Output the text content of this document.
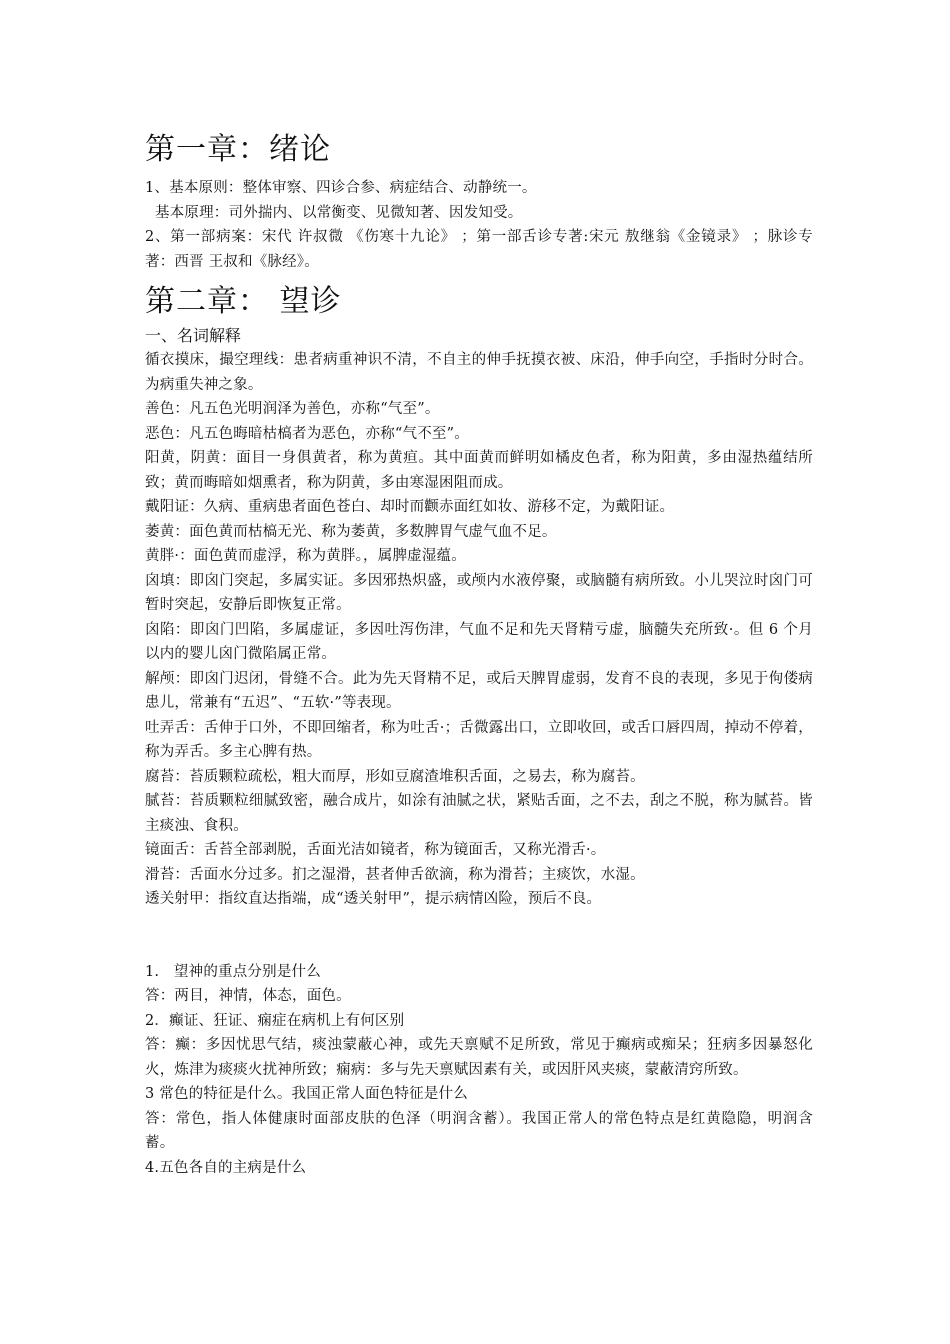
第一章：绪论

1、基本原则：整体审察、四诊合参、病症结合、动静统一。

基本原理：司外揣内、以常衡变、见微知著、因发知受。

2、第一部病案：宋代 许叔微 《伤寒十九论》 ；第一部舌诊专著:宋元 敖继翁《金镜录》 ；脉诊专著：西晋 王叔和《脉经》。

第二章： 望诊

一、名词解释

循衣摸床，撮空理线：患者病重神识不清，不自主的伸手抚摸衣被、床沿，伸手向空，手指时分时合。为病重失神之象。

善色：凡五色光明润泽为善色，亦称“气至”。

恶色：凡五色晦暗枯槁者为恶色，亦称“气不至”。

阳黄，阴黄：面目一身俱黄者，称为黄疸。其中面黄而鲜明如橘皮色者，称为阳黄，多由湿热蕴结所致；黄而晦暗如烟熏者，称为阴黄，多由寒湿困阻而成。

戴阳证：久病、重病患者面色苍白、却时而颧赤面红如妆、游移不定，为戴阳证。

萎黄：面色黄而枯槁无光、称为萎黄，多数脾胃气虚气血不足。

黄胖·：面色黄而虚浮，称为黄胖。，属脾虚湿蕴。

囟填：即囟门突起，多属实证。多因邪热炽盛，或颅内水液停聚，或脑髓有病所致。小儿哭泣时囟门可暂时突起，安静后即恢复正常。

囟陷：即囟门凹陷，多属虚证，多因吐泻伤津，气血不足和先天肾精亏虚，脑髓失充所致·。但 6 个月以内的婴儿囟门微陷属正常。

解颅：即囟门迟闭，骨缝不合。此为先天肾精不足，或后天脾胃虚弱，发育不良的表现，多见于佝偻病患儿，常兼有“五迟”、“五软·”等表现。

吐弄舌：舌伸于口外，不即回缩者，称为吐舌·；舌微露出口，立即收回，或舌口唇四周，掉动不停着，称为弄舌。多主心脾有热。

腐苔：苔质颗粒疏松，粗大而厚，形如豆腐渣堆积舌面，之易去，称为腐苔。

腻苔：苔质颗粒细腻致密，融合成片，如涂有油腻之状，紧贴舌面，之不去，刮之不脱，称为腻苔。皆主痰浊、食积。

镜面舌：舌苔全部剥脱，舌面光洁如镜者，称为镜面舌，又称光滑舌·。

滑苔：舌面水分过多。扪之湿滑，甚者伸舌欲滴，称为滑苔；主痰饮，水湿。

透关射甲：指纹直达指端，成“透关射甲”，提示病情凶险，预后不良。

1.　望神的重点分别是什么

答：两目，神情，体态，面色。

2．癫证、狂证、痫症在病机上有何区别

答：癫：多因忧思气结，痰浊蒙蔽心神，或先天禀赋不足所致，常见于癫病或痴呆；狂病多因暴怒化火，炼津为痰痰火扰神所致；痫病：多与先天禀赋因素有关，或因肝风夹痰，蒙蔽清窍所致。

3 常色的特征是什么。我国正常人面色特征是什么

答：常色，指人体健康时面部皮肤的色泽（明润含蓄）。我国正常人的常色特点是红黄隐隐，明润含蓄。

4.五色各自的主病是什么
